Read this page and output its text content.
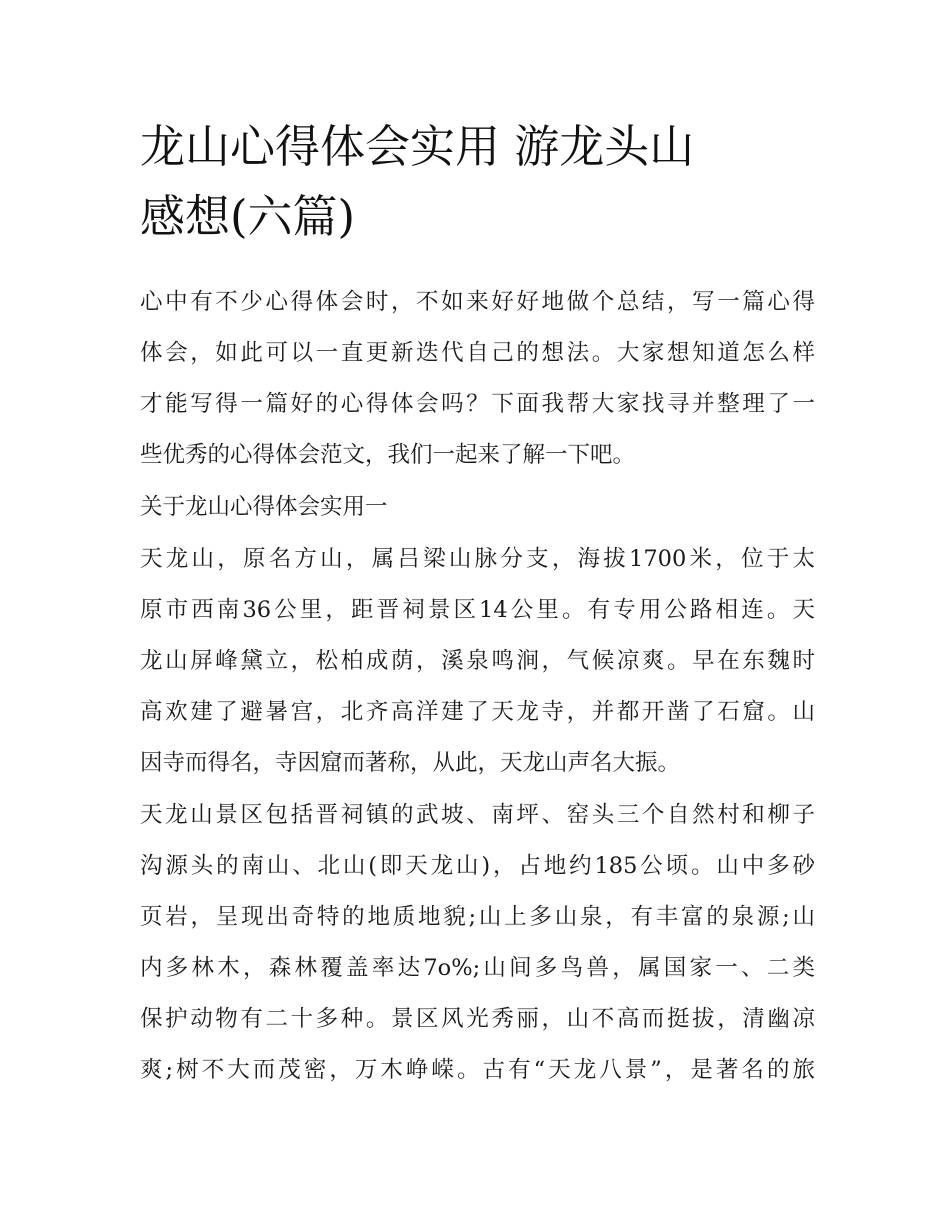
龙山心得体会实用 游龙头山
感想(六篇)
心中有不少心得体会时，不如来好好地做个总结，写一篇心得
体会，如此可以一直更新迭代自己的想法。大家想知道怎么样
才能写得一篇好的心得体会吗？下面我帮大家找寻并整理了一
些优秀的心得体会范文，我们一起来了解一下吧。
关于龙山心得体会实用一
天龙山，原名方山，属吕梁山脉分支，海拔1700米，位于太
原市西南36公里，距晋祠景区14公里。有专用公路相连。天
龙山屏峰黛立，松柏成荫，溪泉鸣涧，气候凉爽。早在东魏时
高欢建了避暑宫，北齐高洋建了天龙寺，并都开凿了石窟。山
因寺而得名，寺因窟而著称，从此，天龙山声名大振。
天龙山景区包括晋祠镇的武坡、南坪、窑头三个自然村和柳子
沟源头的南山、北山(即天龙山)，占地约185公顷。山中多砂
页岩，呈现出奇特的地质地貌;山上多山泉，有丰富的泉源;山
内多林木，森林覆盖率达7o%;山间多鸟兽，属国家一、二类
保护动物有二十多种。景区风光秀丽，山不高而挺拔，清幽凉
爽;树不大而茂密，万木峥嵘。古有“天龙八景”，是著名的旅
